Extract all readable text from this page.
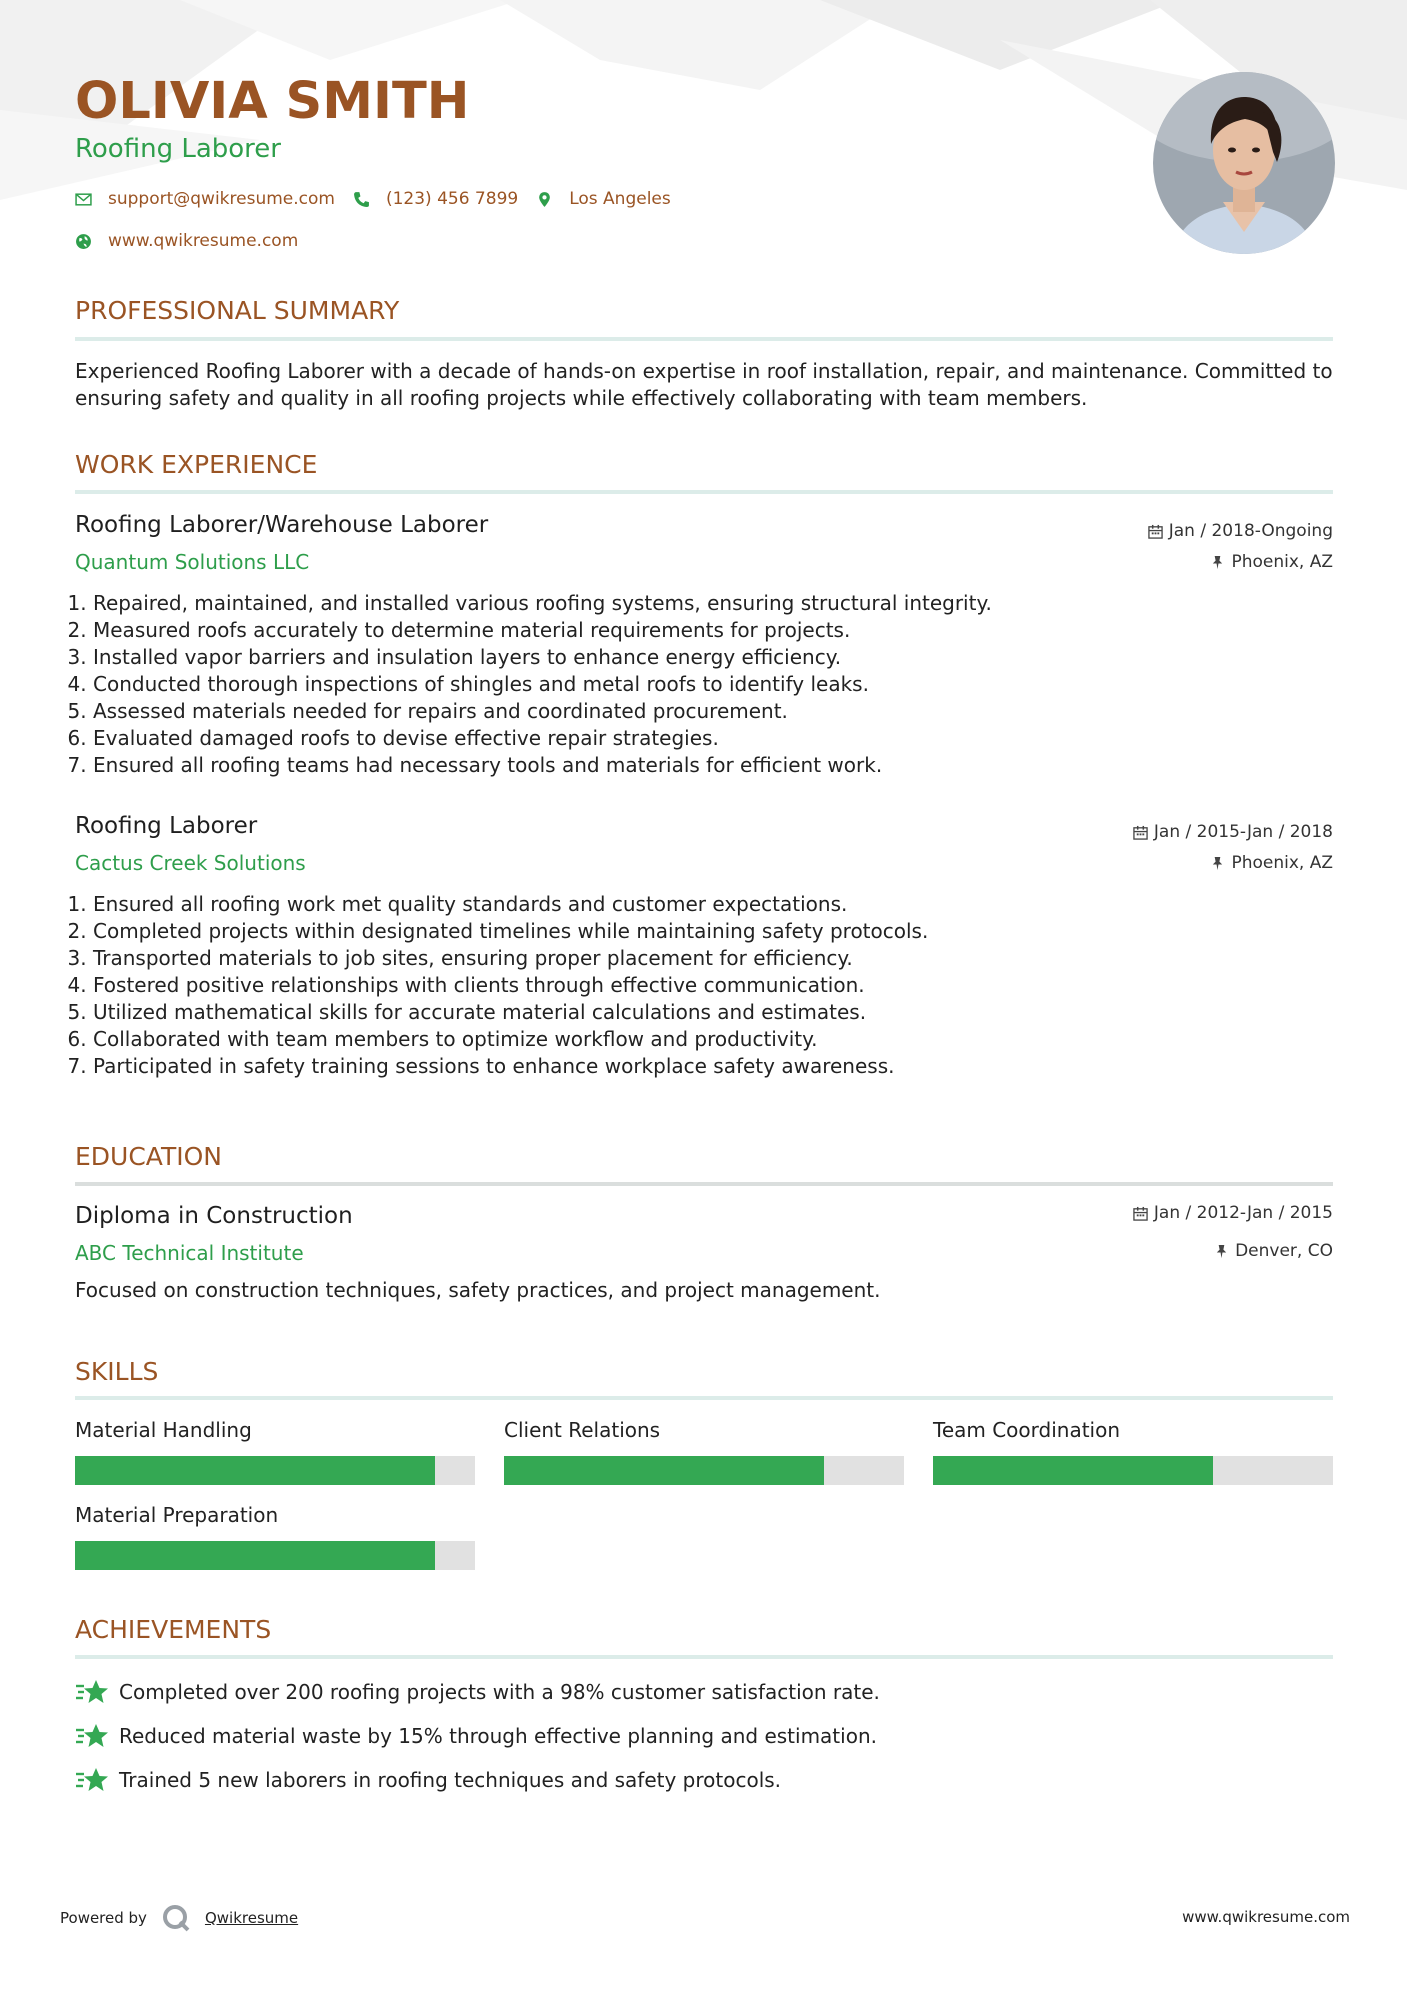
OLIVIA SMITH
Roofing Laborer
support@qwikresume.com	(123) 456 7899	Los Angeles
www.qwikresume.com
PROFESSIONAL SUMMARY
Experienced Roofing Laborer with a decade of hands-on expertise in roof installation, repair, and maintenance. Committed to ensuring safety and quality in all roofing projects while effectively collaborating with team members.
WORK EXPERIENCE
Roofing Laborer/Warehouse Laborer	Jan / 2018-Ongoing
Quantum Solutions LLC	Phoenix, AZ
1. Repaired, maintained, and installed various roofing systems, ensuring structural integrity.
2. Measured roofs accurately to determine material requirements for projects.
3. Installed vapor barriers and insulation layers to enhance energy efficiency.
4. Conducted thorough inspections of shingles and metal roofs to identify leaks.
5. Assessed materials needed for repairs and coordinated procurement.
6. Evaluated damaged roofs to devise effective repair strategies.
7. Ensured all roofing teams had necessary tools and materials for efficient work.
Roofing Laborer	Jan / 2015-Jan / 2018
Cactus Creek Solutions	Phoenix, AZ
1. Ensured all roofing work met quality standards and customer expectations.
2. Completed projects within designated timelines while maintaining safety protocols.
3. Transported materials to job sites, ensuring proper placement for efficiency.
4. Fostered positive relationships with clients through effective communication.
5. Utilized mathematical skills for accurate material calculations and estimates.
6. Collaborated with team members to optimize workflow and productivity.
7. Participated in safety training sessions to enhance workplace safety awareness.
EDUCATION
Diploma in Construction	Jan / 2012-Jan / 2015
ABC Technical Institute	Denver, CO
Focused on construction techniques, safety practices, and project management.
SKILLS
Material Handling	Client Relations	Team Coordination
Material Preparation
ACHIEVEMENTS
Completed over 200 roofing projects with a 98% customer satisfaction rate.
Reduced material waste by 15% through effective planning and estimation.
Trained 5 new laborers in roofing techniques and safety protocols.
Powered by	Qwikresume	www.qwikresume.com
